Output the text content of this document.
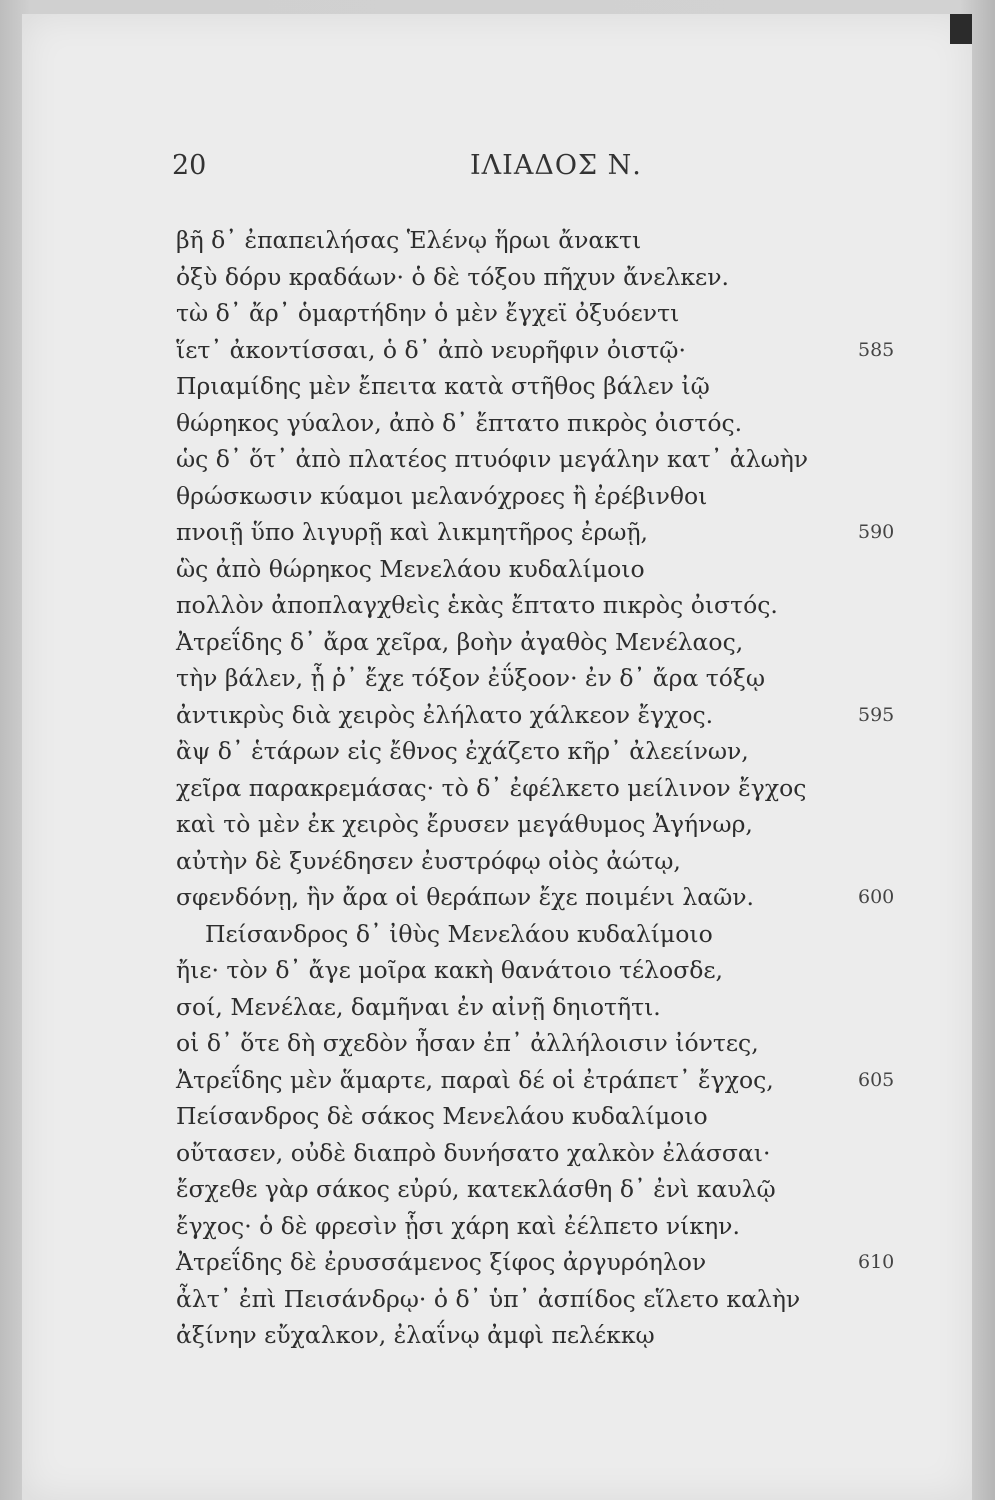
20	ΙΛΙΑΔΟΣ Ν.
βῆ δ᾽ ἐπαπειλήσας Ἑλένῳ ἥρωι ἄνακτι
ὀξὺ δόρυ κραδάων· ὁ δὲ τόξου πῆχυν ἄνελκεν.
τὼ δ᾽ ἄρ᾽ ὁμαρτήδην ὁ μὲν ἔγχεϊ ὀξυόεντι
ἵετ᾽ ἀκοντίσσαι, ὁ δ᾽ ἀπὸ νευρῆφιν ὀιστῷ·	585
Πριαμίδης μὲν ἔπειτα κατὰ στῆθος βάλεν ἰῷ
θώρηκος γύαλον, ἀπὸ δ᾽ ἔπτατο πικρὸς ὀιστός.
ὡς δ᾽ ὅτ᾽ ἀπὸ πλατέος πτυόφιν μεγάλην κατ᾽ ἀλωὴν
θρώσκωσιν κύαμοι μελανόχροες ἢ ἐρέβινθοι
πνοιῇ ὕπο λιγυρῇ καὶ λικμητῆρος ἐρωῇ,	590
ὣς ἀπὸ θώρηκος Μενελάου κυδαλίμοιο
πολλὸν ἀποπλαγχθεὶς ἑκὰς ἔπτατο πικρὸς ὀιστός.
Ἀτρεΐδης δ᾽ ἄρα χεῖρα, βοὴν ἀγαθὸς Μενέλαος,
τὴν βάλεν, ᾗ ῥ᾽ ἔχε τόξον ἐΰξοον· ἐν δ᾽ ἄρα τόξῳ
ἀντικρὺς διὰ χειρὸς ἐλήλατο χάλκεον ἔγχος.	595
ἂψ δ᾽ ἑτάρων εἰς ἔθνος ἐχάζετο κῆρ᾽ ἀλεείνων,
χεῖρα παρακρεμάσας· τὸ δ᾽ ἐφέλκετο μείλινον ἔγχος
καὶ τὸ μὲν ἐκ χειρὸς ἔρυσεν μεγάθυμος Ἀγήνωρ,
αὐτὴν δὲ ξυνέδησεν ἐυστρόφῳ οἰὸς ἀώτῳ,
σφενδόνῃ, ἣν ἄρα οἱ θεράπων ἔχε ποιμένι λαῶν.	600
Πείσανδρος δ᾽ ἰθὺς Μενελάου κυδαλίμοιο
ἤιε· τὸν δ᾽ ἄγε μοῖρα κακὴ θανάτοιο τέλοσδε,
σοί, Μενέλαε, δαμῆναι ἐν αἰνῇ δηιοτῆτι.
οἱ δ᾽ ὅτε δὴ σχεδὸν ἦσαν ἐπ᾽ ἀλλήλοισιν ἰόντες,
Ἀτρεΐδης μὲν ἅμαρτε, παραὶ δέ οἱ ἐτράπετ᾽ ἔγχος,	605
Πείσανδρος δὲ σάκος Μενελάου κυδαλίμοιο
οὔτασεν, οὐδὲ διαπρὸ δυνήσατο χαλκὸν ἐλάσσαι·
ἔσχεθε γὰρ σάκος εὐρύ, κατεκλάσθη δ᾽ ἐνὶ καυλῷ
ἔγχος· ὁ δὲ φρεσὶν ᾗσι χάρη καὶ ἐέλπετο νίκην.
Ἀτρεΐδης δὲ ἐρυσσάμενος ξίφος ἀργυρόηλον	610
ἆλτ᾽ ἐπὶ Πεισάνδρῳ· ὁ δ᾽ ὑπ᾽ ἀσπίδος εἵλετο καλὴν
ἀξίνην εὔχαλκον, ἐλαΐνῳ ἀμφὶ πελέκκῳ
